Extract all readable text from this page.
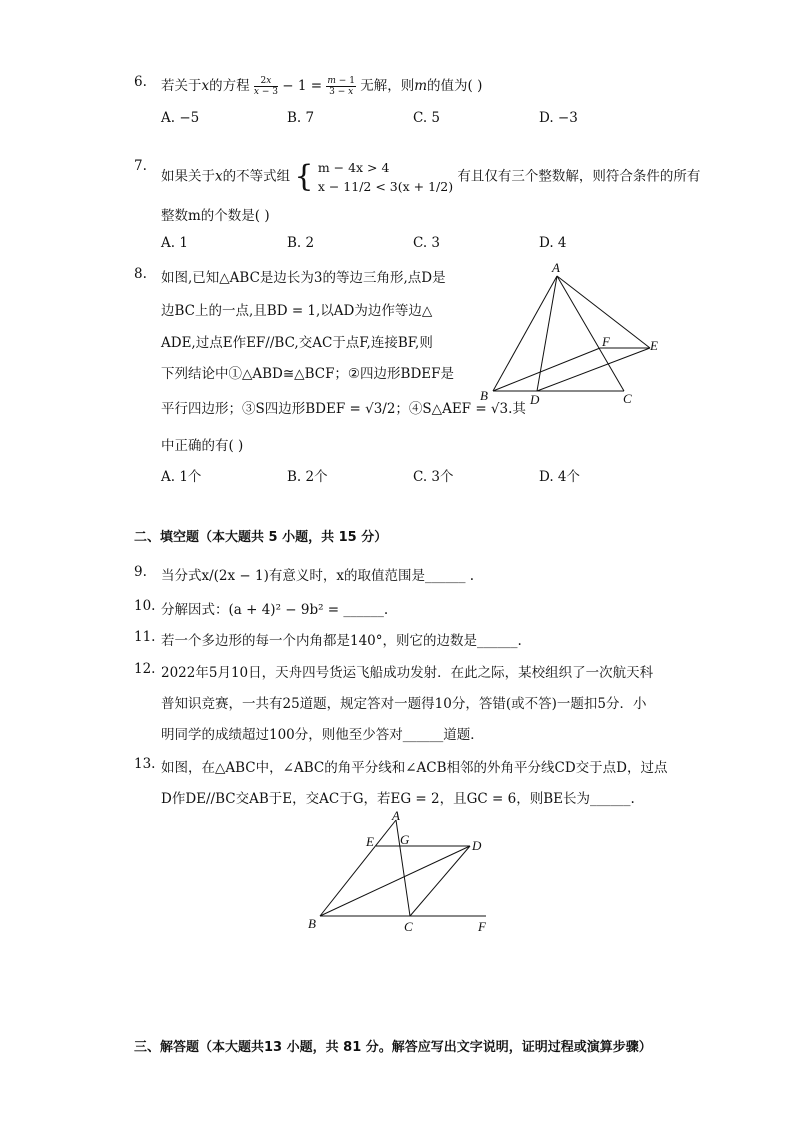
6. 若关于x的方程 $\frac{2x}{x - 3} - 1 = \frac{m - 1}{3 - x}$ 无解，则m的值为( )
A. −5	B. 7	C. 5	D. −3
7.
如果关于x的不等式组 { m − 4x > 4
x − 11/2 < 3(x + 1/2)
有且仅有三个整数解，则符合条件的所有
整数m的个数是( )
A. 1	B. 2	C. 3	D. 4
8. 如图,已知△ABC是边长为3的等边三角形,点D是
边BC上的一点,且BD = 1,以AD为边作等边△
ADE,过点E作EF//BC,交AC于点F,连接BF,则
下列结论中①△ABD≅△BCF；②四边形BDEF是
平行四边形；③S四边形BDEF = √3/2；④S△AEF = √3.其
中正确的有( )
A. 1个	B. 2个	C. 3个	D. 4个
A
B	C
D
E
F
二、填空题（本大题共 5 小题，共 15 分）
9. 当分式x/(2x − 1)有意义时，x的取值范围是______ .
10. 分解因式：(a + 4)² − 9b² = ______.
11. 若一个多边形的每一个内角都是140°，则它的边数是______.
12. 2022年5月10日，天舟四号货运飞船成功发射．在此之际，某校组织了一次航天科
普知识竞赛，一共有25道题，规定答对一题得10分，答错(或不答)一题扣5分．小
明同学的成绩超过100分，则他至少答对______道题．
13. 如图，在△ABC中，∠ABC的角平分线和∠ACB相邻的外角平分线CD交于点D，过点
D作DE//BC交AB于E，交AC于G，若EG = 2，且GC = 6，则BE长为______.
A
E G	D
B	C	F
三、解答题（本大题共13 小题，共 81 分。解答应写出文字说明，证明过程或演算步骤）
